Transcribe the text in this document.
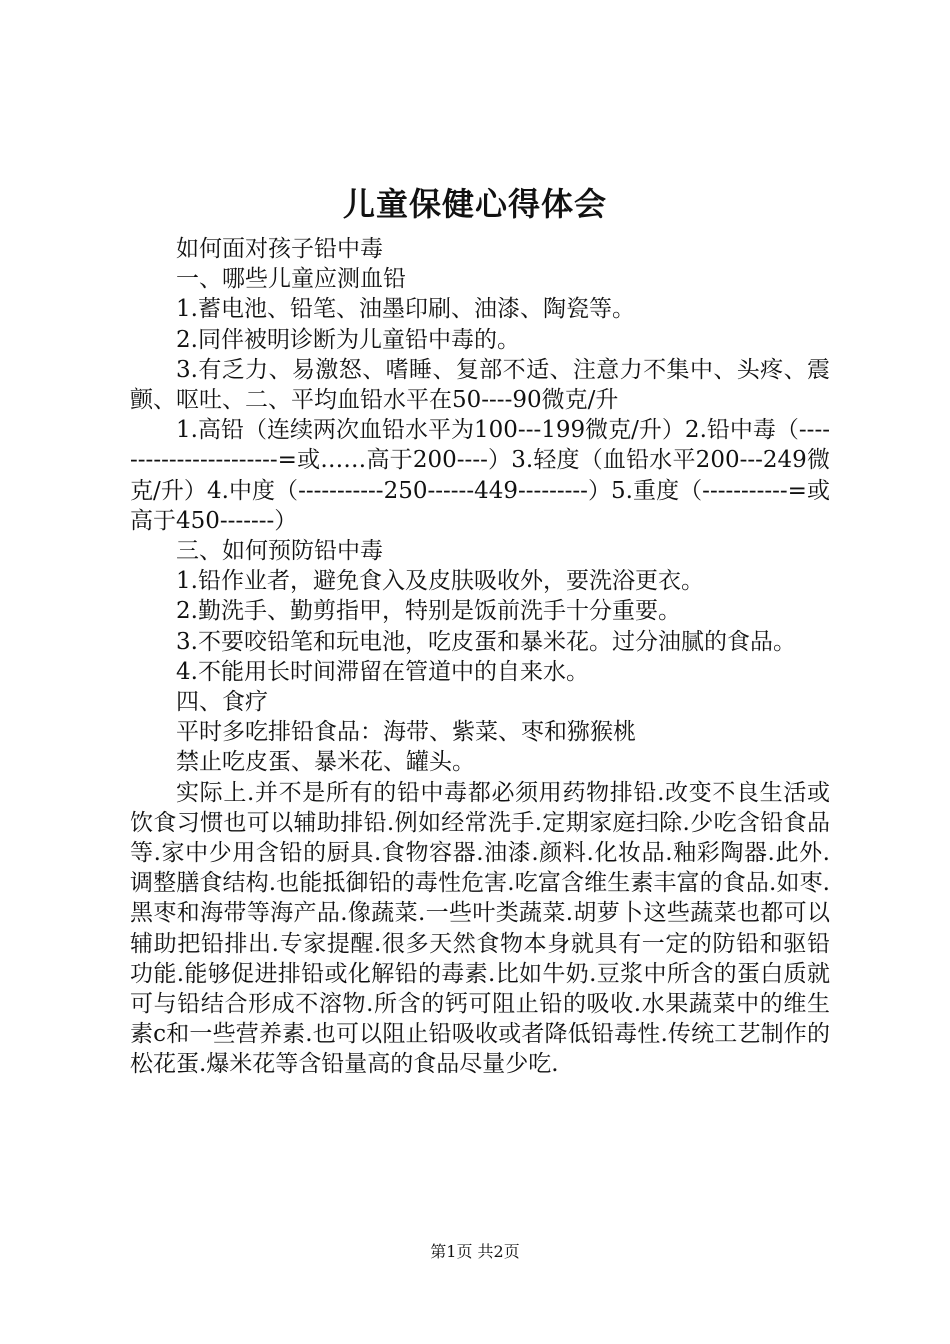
儿童保健心得体会

如何面对孩子铅中毒

一、哪些儿童应测血铅

1.蓄电池、铅笔、油墨印刷、油漆、陶瓷等。

2.同伴被明诊断为儿童铅中毒的。

3.有乏力、易激怒、嗜睡、复部不适、注意力不集中、头疼、震颤、呕吐、二、平均血铅水平在50----90微克/升

1.高铅（连续两次血铅水平为100---199微克/升）2.铅中毒（-----------------------=或……高于200----）3.轻度（血铅水平200---249微克/升）4.中度（-----------250------449---------）5.重度（-----------=或高于450-------）

三、如何预防铅中毒

1.铅作业者，避免食入及皮肤吸收外，要洗浴更衣。

2.勤洗手、勤剪指甲，特别是饭前洗手十分重要。

3.不要咬铅笔和玩电池，吃皮蛋和暴米花。过分油腻的食品。

4.不能用长时间滞留在管道中的自来水。

四、食疗

平时多吃排铅食品：海带、紫菜、枣和猕猴桃

禁止吃皮蛋、暴米花、罐头。

实际上.并不是所有的铅中毒都必须用药物排铅.改变不良生活或饮食习惯也可以辅助排铅.例如经常洗手.定期家庭扫除.少吃含铅食品等.家中少用含铅的厨具.食物容器.油漆.颜料.化妆品.釉彩陶器.此外.调整膳食结构.也能抵御铅的毒性危害.吃富含维生素丰富的食品.如枣.黑枣和海带等海产品.像蔬菜.一些叶类蔬菜.胡萝卜这些蔬菜也都可以辅助把铅排出.专家提醒.很多天然食物本身就具有一定的防铅和驱铅功能.能够促进排铅或化解铅的毒素.比如牛奶.豆浆中所含的蛋白质就可与铅结合形成不溶物.所含的钙可阻止铅的吸收.水果蔬菜中的维生素c和一些营养素.也可以阻止铅吸收或者降低铅毒性.传统工艺制作的松花蛋.爆米花等含铅量高的食品尽量少吃.

第1页 共2页
